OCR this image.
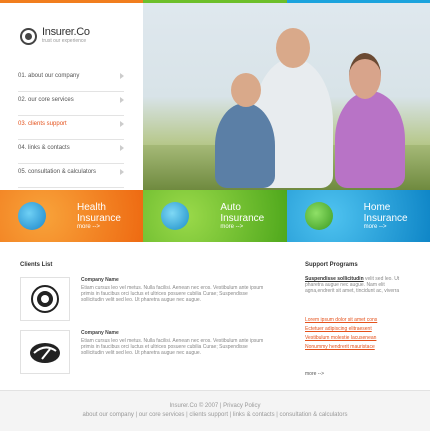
Insurer.Co
trust our experience
01. about our company
02. our core services
03. clients support
04. links & contacts
05. consultation & calculators
Health
Insurance
more -->
Auto
Insurance
more -->
Home
Insurance
more -->
Clients List
Company Name
Etiam cursus leo vel metus. Nulla facilisi. Aenean nec eros. Vestibulum ante ipsum primis in faucibus orci luctus et ultrices posuere cubilia Curae; Suspendisse sollicitudin velit sed leo. Ut pharetra augue nec augue.
Company Name
Etiam cursus leo vel metus. Nulla facilisi. Aenean nec eros. Vestibulum ante ipsum primis in faucibus orci luctus et ultrices posuere cubilia Curae; Suspendisse sollicitudin velit sed leo. Ut pharetra augue nec augue.
Support Programs
Suspendisse sollicitudin velit sed leo. Ut pharetra augue nec augue. Nam elit agna,endrerit sit amet, tincidunt ac, viverra
Lorem ipsum dolor sit amet cons
Ectetuer adipiscing elitraesent
Vestibulum molestie lacusenean
Nonummy hendrerit mauristace
more -->
Insurer.Co © 2007 | Privacy Policy
about our company | our core services | clients support | links & contacts | consultation & calculators
